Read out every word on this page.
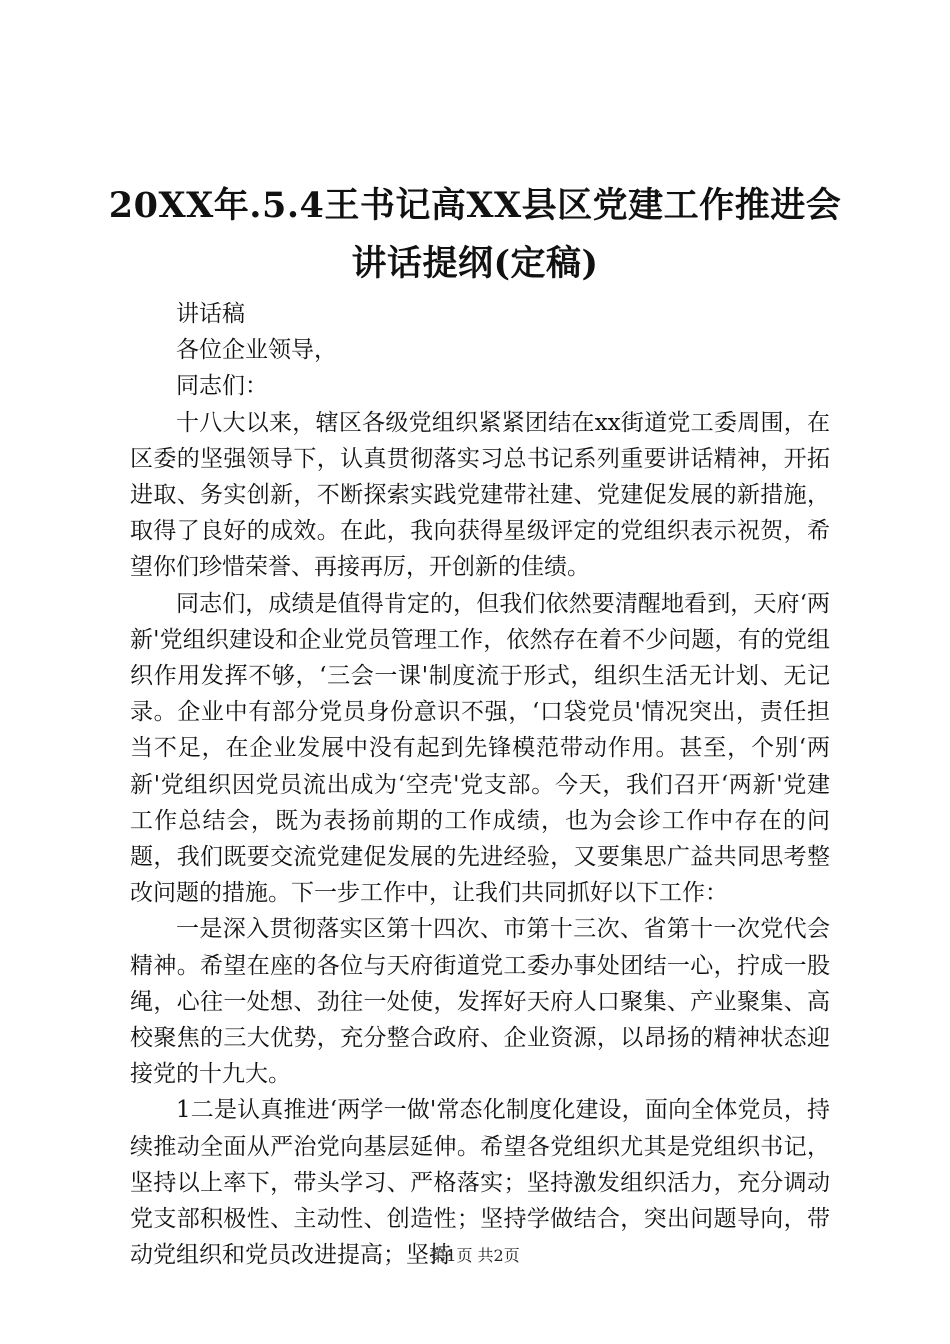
20XX年.5.4王书记高XX县区党建工作推进会
讲话提纲(定稿)

讲话稿

各位企业领导，

同志们：

十八大以来，辖区各级党组织紧紧团结在xx街道党工委周围，在区委的坚强领导下，认真贯彻落实习总书记系列重要讲话精神，开拓进取、务实创新，不断探索实践党建带社建、党建促发展的新措施，取得了良好的成效。在此，我向获得星级评定的党组织表示祝贺，希望你们珍惜荣誉、再接再厉，开创新的佳绩。

同志们，成绩是值得肯定的，但我们依然要清醒地看到，天府‘两新'党组织建设和企业党员管理工作，依然存在着不少问题，有的党组织作用发挥不够，‘三会一课'制度流于形式，组织生活无计划、无记录。企业中有部分党员身份意识不强，‘口袋党员'情况突出，责任担当不足，在企业发展中没有起到先锋模范带动作用。甚至，个别‘两新'党组织因党员流出成为‘空壳'党支部。今天，我们召开‘两新'党建工作总结会，既为表扬前期的工作成绩，也为会诊工作中存在的问题，我们既要交流党建促发展的先进经验，又要集思广益共同思考整改问题的措施。下一步工作中，让我们共同抓好以下工作：

一是深入贯彻落实区第十四次、市第十三次、省第十一次党代会精神。希望在座的各位与天府街道党工委办事处团结一心，拧成一股绳，心往一处想、劲往一处使，发挥好天府人口聚集、产业聚集、高校聚焦的三大优势，充分整合政府、企业资源，以昂扬的精神状态迎接党的十九大。

1二是认真推进‘两学一做'常态化制度化建设，面向全体党员，持续推动全面从严治党向基层延伸。希望各党组织尤其是党组织书记，坚持以上率下，带头学习、严格落实；坚持激发组织活力，充分调动党支部积极性、主动性、创造性；坚持学做结合，突出问题导向，带动党组织和党员改进提高；坚持

第1页 共2页
